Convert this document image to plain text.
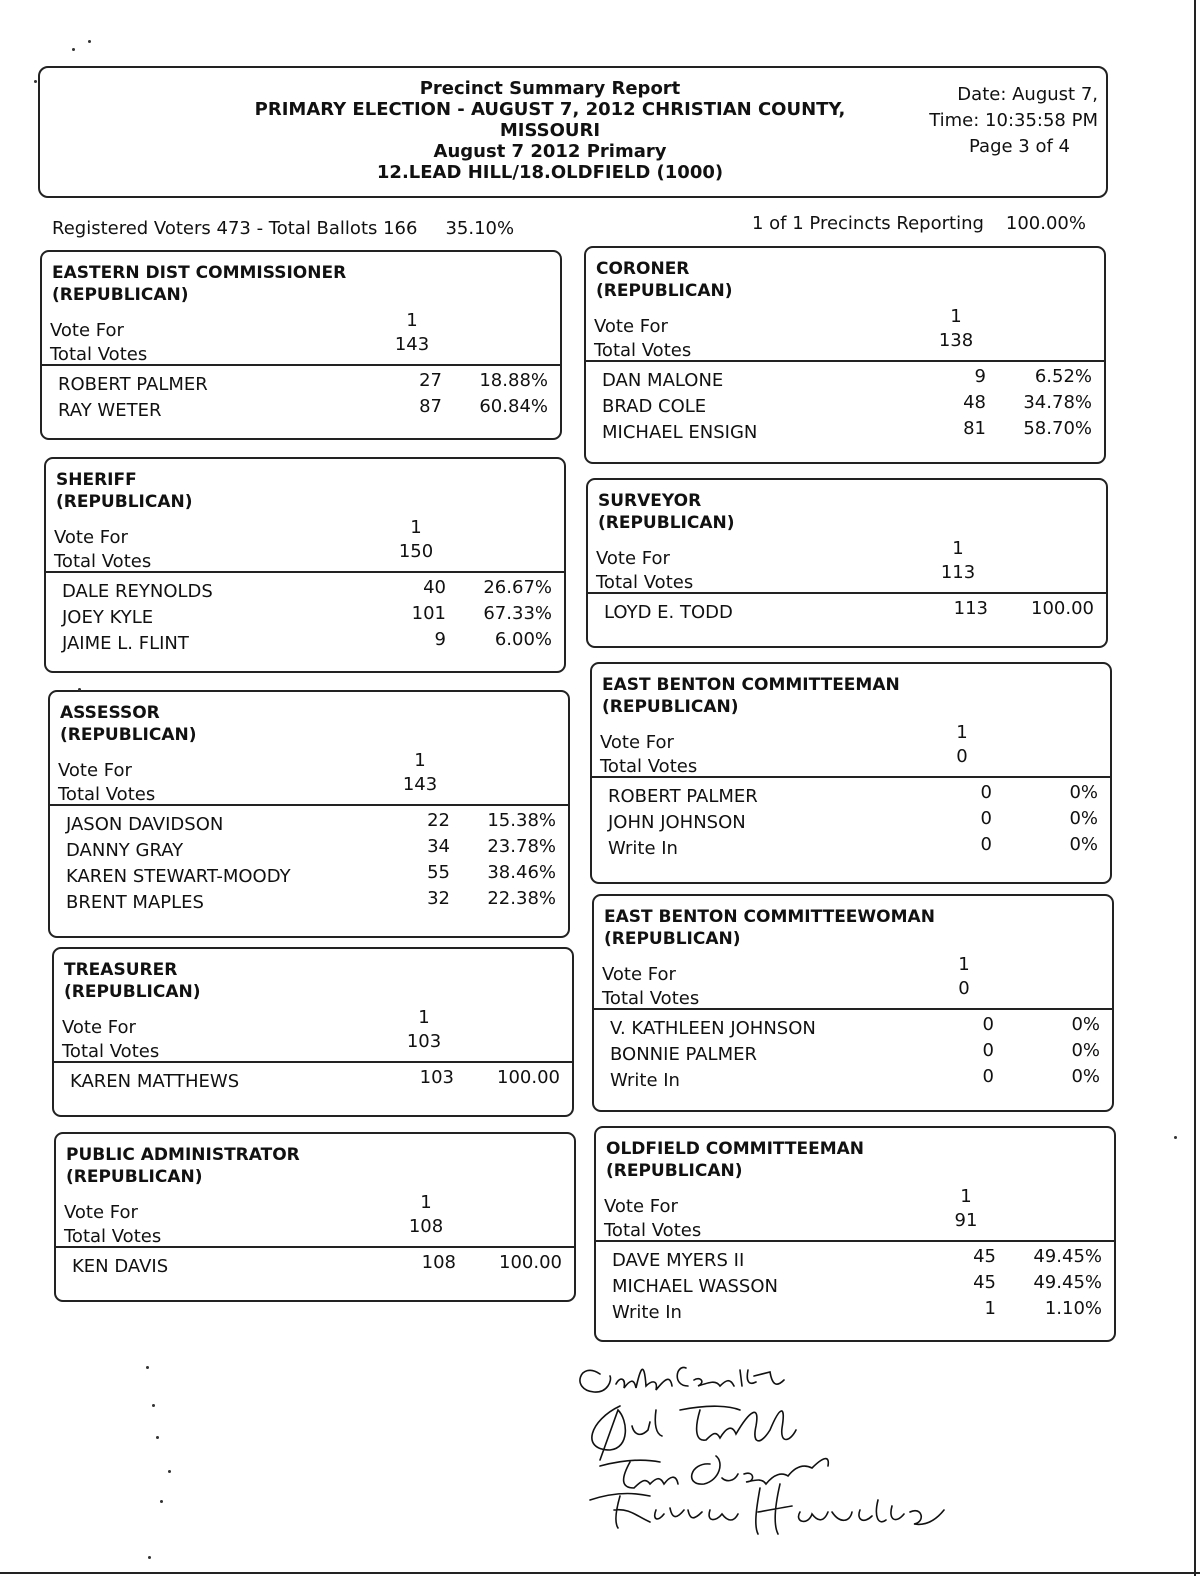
Precinct Summary Report
PRIMARY ELECTION - AUGUST 7, 2012 CHRISTIAN COUNTY,
MISSOURI
August 7 2012 Primary
12.LEAD HILL/18.OLDFIELD (1000)
Date: August 7,
Time: 10:35:58 PM
Page 3 of 4
Registered Voters 473 - Total Ballots 166 35.10%	1 of 1 Precincts Reporting 100.00%
EASTERN DIST COMMISSIONER
(REPUBLICAN)
Vote For	1
Total Votes	143
ROBERT PALMER	27 18.88%
RAY WETER	87 60.84%
SHERIFF
(REPUBLICAN)
Vote For	1
Total Votes	150
DALE REYNOLDS	40 26.67%
JOEY KYLE	101 67.33%
JAIME L. FLINT	9	6.00%
ASSESSOR
(REPUBLICAN)
Vote For	1
Total Votes	143
JASON DAVIDSON	22 15.38%
DANNY GRAY	34 23.78%
KAREN STEWART-MOODY	55 38.46%
BRENT MAPLES	32 22.38%
TREASURER
(REPUBLICAN)
Vote For	1
Total Votes	103
KAREN MATTHEWS	103 100.00
PUBLIC ADMINISTRATOR
(REPUBLICAN)
Vote For	1
Total Votes	108
KEN DAVIS	108 100.00
CORONER
(REPUBLICAN)
Vote For	1
Total Votes	138
DAN MALONE	9	6.52%
BRAD COLE	48 34.78%
MICHAEL ENSIGN	81 58.70%
SURVEYOR
(REPUBLICAN)
Vote For	1
Total Votes	113
LOYD E. TODD	113 100.00
EAST BENTON COMMITTEEMAN
(REPUBLICAN)
Vote For	1
Total Votes	0
ROBERT PALMER	0	0%
JOHN JOHNSON	0	0%
Write In	0	0%
EAST BENTON COMMITTEEWOMAN
(REPUBLICAN)
Vote For	1
Total Votes	0
V. KATHLEEN JOHNSON	0	0%
BONNIE PALMER	0	0%
Write In	0	0%
OLDFIELD COMMITTEEMAN
(REPUBLICAN)
Vote For	1
Total Votes	91
DAVE MYERS II	45 49.45%
MICHAEL WASSON	45 49.45%
Write In	1	1.10%
